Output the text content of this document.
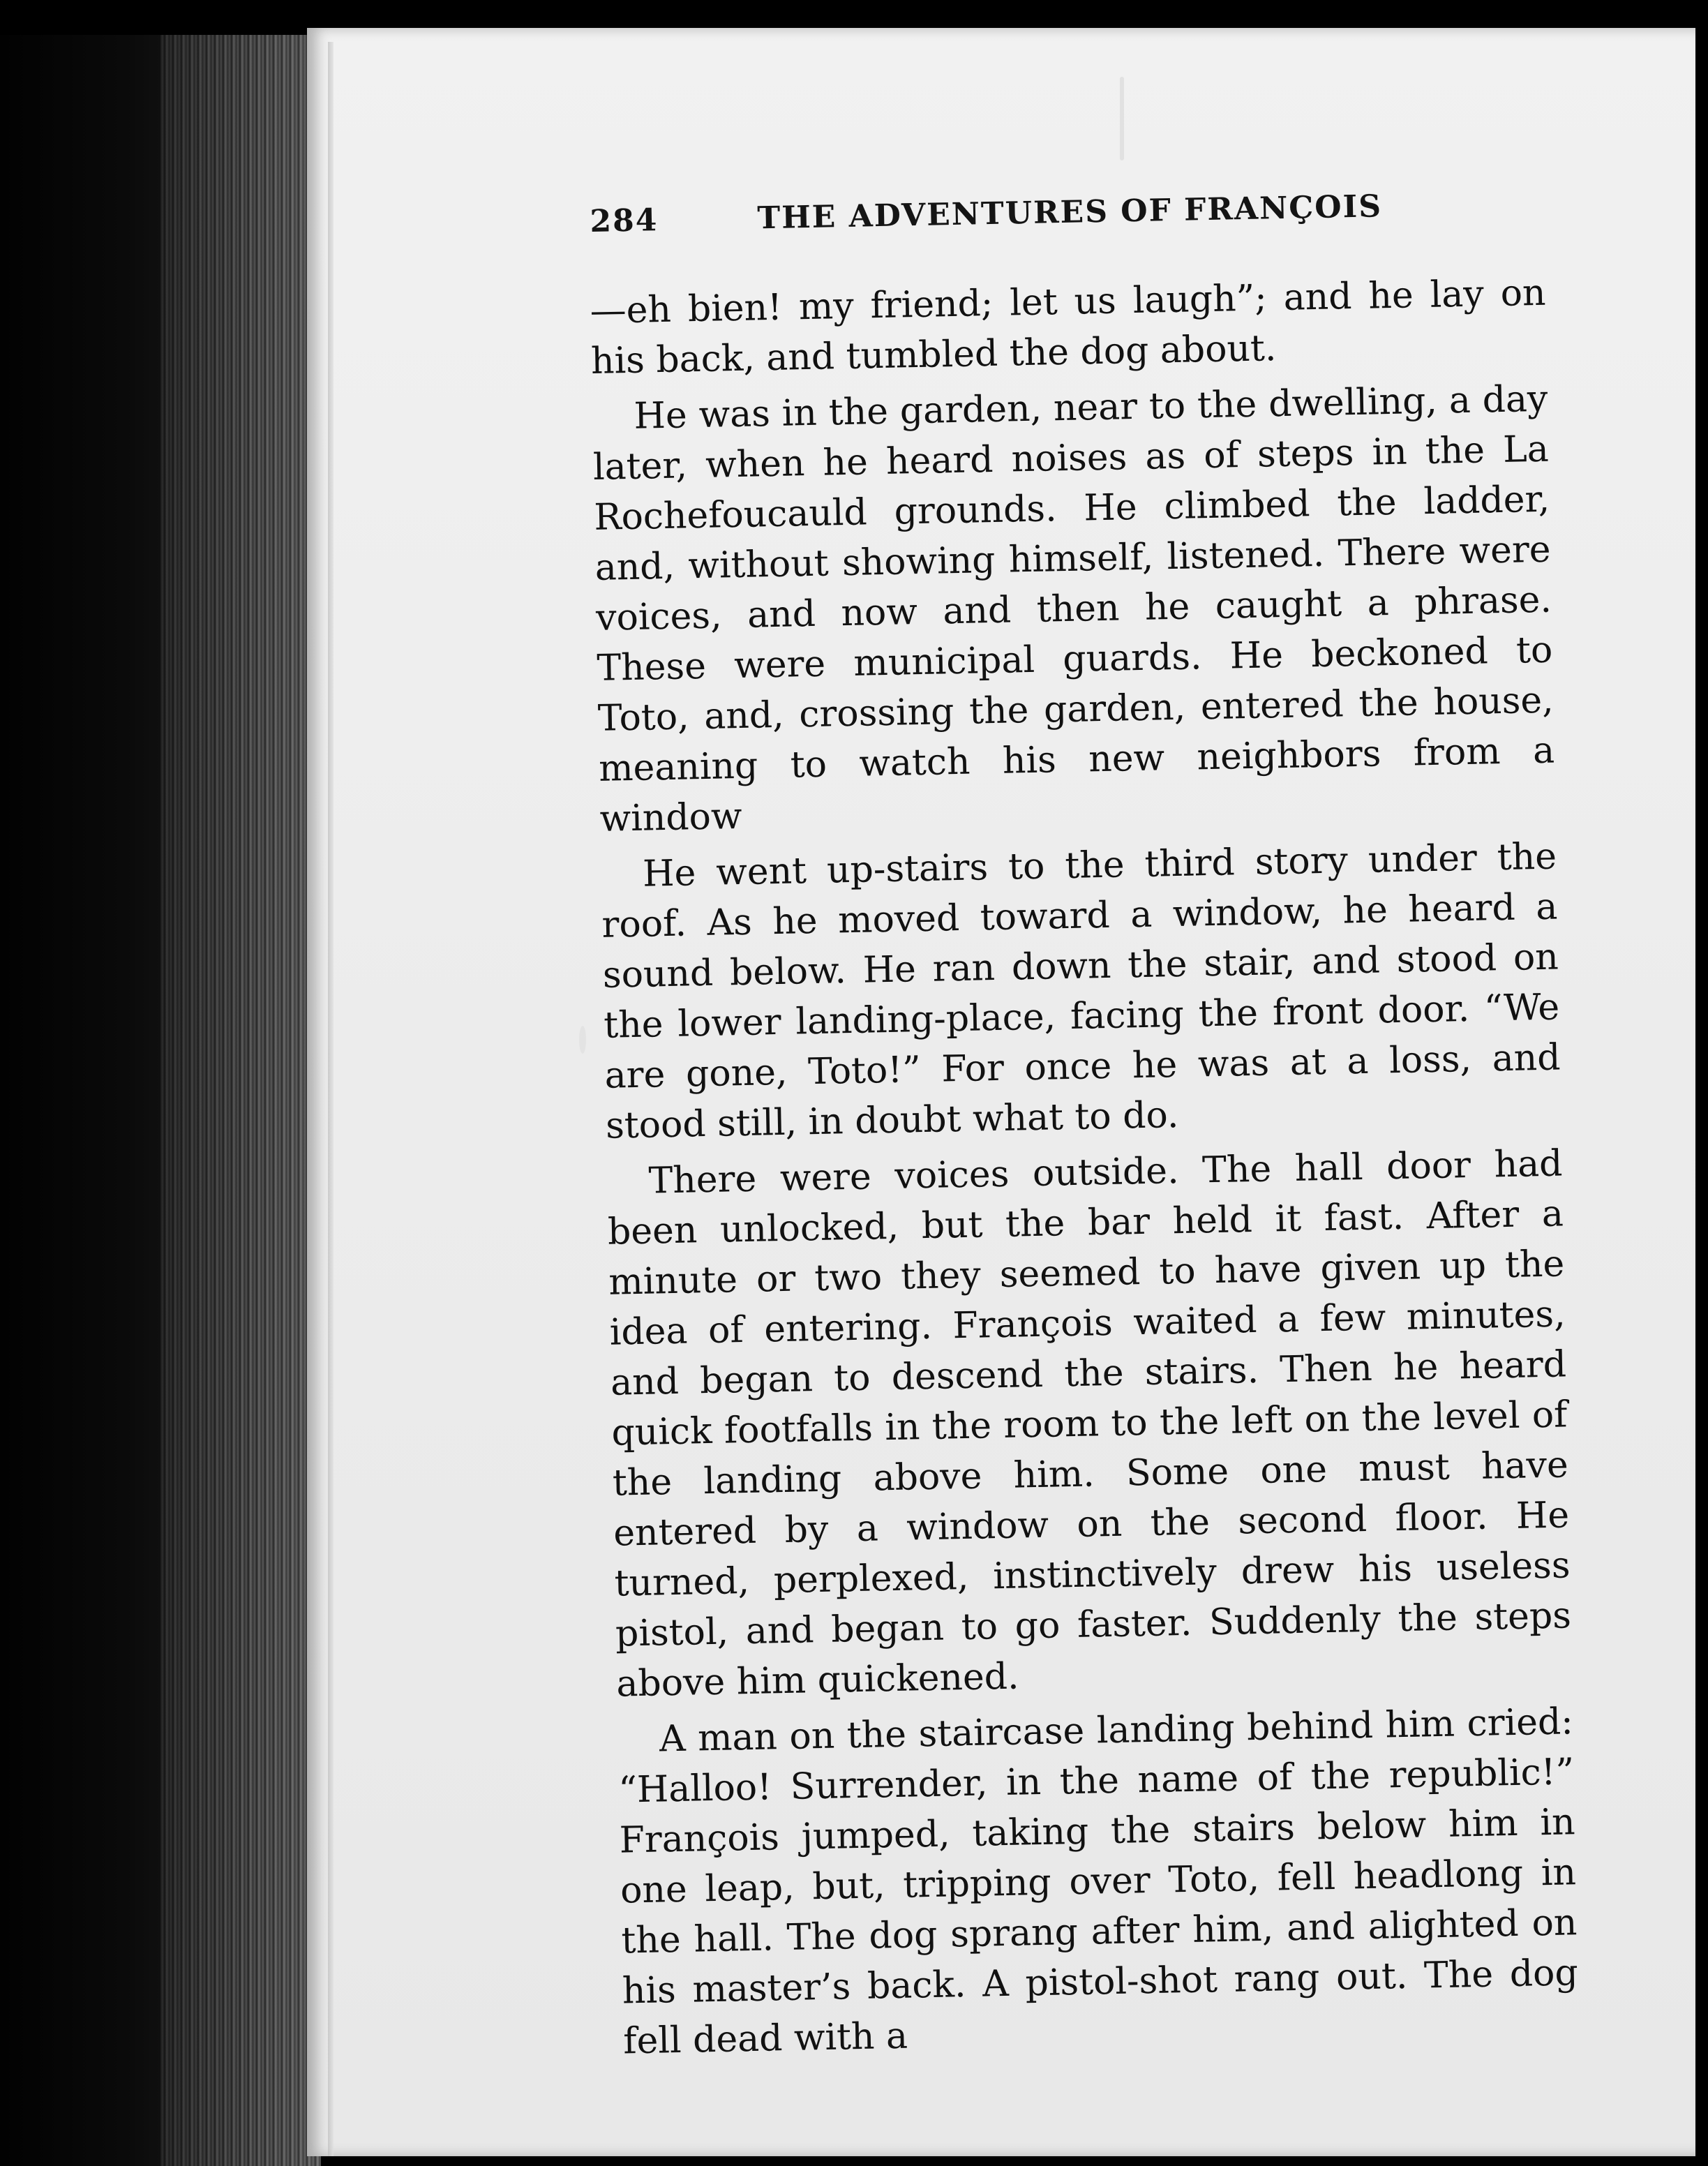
284	THE ADVENTURES OF FRANÇOIS

—eh bien! my friend; let us laugh”; and he lay on his back, and tumbled the dog about.

He was in the garden, near to the dwelling, a day later, when he heard noises as of steps in the La Rochefoucauld grounds. He climbed the ladder, and, without showing himself, listened. There were voices, and now and then he caught a phrase. These were municipal guards. He beckoned to Toto, and, crossing the garden, entered the house, meaning to watch his new neighbors from a window

He went up-stairs to the third story under the roof. As he moved toward a window, he heard a sound below. He ran down the stair, and stood on the lower landing-place, facing the front door. “We are gone, Toto!” For once he was at a loss, and stood still, in doubt what to do.

There were voices outside. The hall door had been unlocked, but the bar held it fast. After a minute or two they seemed to have given up the idea of entering. François waited a few minutes, and began to descend the stairs. Then he heard quick footfalls in the room to the left on the level of the landing above him. Some one must have entered by a window on the second floor. He turned, perplexed, instinctively drew his useless pistol, and began to go faster. Suddenly the steps above him quickened.

A man on the staircase landing behind him cried: “Halloo! Surrender, in the name of the republic!” François jumped, taking the stairs below him in one leap, but, tripping over Toto, fell headlong in the hall. The dog sprang after him, and alighted on his master’s back. A pistol-shot rang out. The dog fell dead with a
